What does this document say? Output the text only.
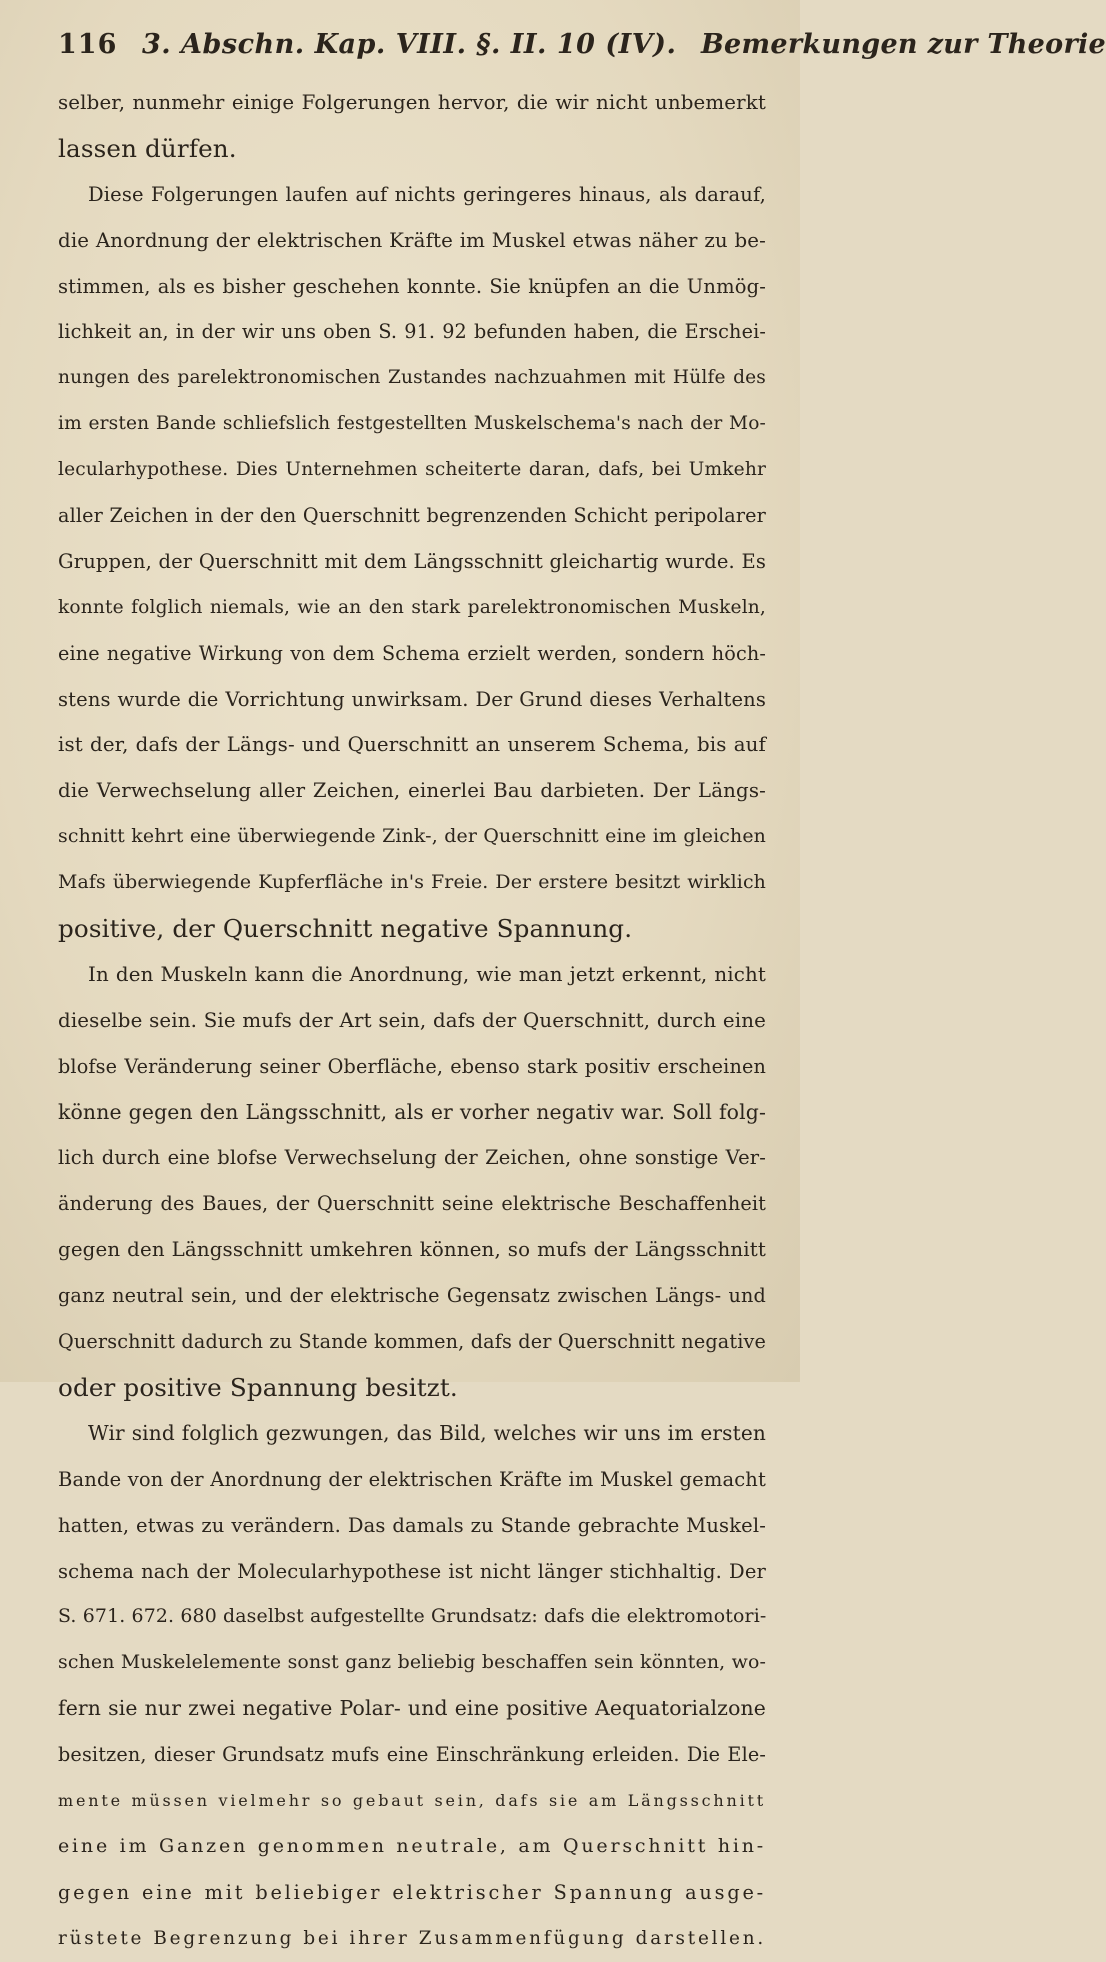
116 3. Abschn. Kap. VIII. §. II. 10 (IV). Bemerkungen zur Theorie
selber, nunmehr einige Folgerungen hervor, die wir nicht unbemerkt
lassen dürfen.
Diese Folgerungen laufen auf nichts geringeres hinaus, als darauf,
die Anordnung der elektrischen Kräfte im Muskel etwas näher zu be-
stimmen, als es bisher geschehen konnte. Sie knüpfen an die Unmög-
lichkeit an, in der wir uns oben S. 91. 92 befunden haben, die Erschei-
nungen des parelektronomischen Zustandes nachzuahmen mit Hülfe des
im ersten Bande schliefslich festgestellten Muskelschema's nach der Mo-
lecularhypothese. Dies Unternehmen scheiterte daran, dafs, bei Umkehr
aller Zeichen in der den Querschnitt begrenzenden Schicht peripolarer
Gruppen, der Querschnitt mit dem Längsschnitt gleichartig wurde. Es
konnte folglich niemals, wie an den stark parelektronomischen Muskeln,
eine negative Wirkung von dem Schema erzielt werden, sondern höch-
stens wurde die Vorrichtung unwirksam. Der Grund dieses Verhaltens
ist der, dafs der Längs- und Querschnitt an unserem Schema, bis auf
die Verwechselung aller Zeichen, einerlei Bau darbieten. Der Längs-
schnitt kehrt eine überwiegende Zink-, der Querschnitt eine im gleichen
Mafs überwiegende Kupferfläche in's Freie. Der erstere besitzt wirklich
positive, der Querschnitt negative Spannung.
In den Muskeln kann die Anordnung, wie man jetzt erkennt, nicht
dieselbe sein. Sie mufs der Art sein, dafs der Querschnitt, durch eine
blofse Veränderung seiner Oberfläche, ebenso stark positiv erscheinen
könne gegen den Längsschnitt, als er vorher negativ war. Soll folg-
lich durch eine blofse Verwechselung der Zeichen, ohne sonstige Ver-
änderung des Baues, der Querschnitt seine elektrische Beschaffenheit
gegen den Längsschnitt umkehren können, so mufs der Längsschnitt
ganz neutral sein, und der elektrische Gegensatz zwischen Längs- und
Querschnitt dadurch zu Stande kommen, dafs der Querschnitt negative
oder positive Spannung besitzt.
Wir sind folglich gezwungen, das Bild, welches wir uns im ersten
Bande von der Anordnung der elektrischen Kräfte im Muskel gemacht
hatten, etwas zu verändern. Das damals zu Stande gebrachte Muskel-
schema nach der Molecularhypothese ist nicht länger stichhaltig. Der
S. 671. 672. 680 daselbst aufgestellte Grundsatz: dafs die elektromotori-
schen Muskelelemente sonst ganz beliebig beschaffen sein könnten, wo-
fern sie nur zwei negative Polar- und eine positive Aequatorialzone
besitzen, dieser Grundsatz mufs eine Einschränkung erleiden. Die Ele-
mente müssen vielmehr so gebaut sein, dafs sie am Längsschnitt
eine im Ganzen genommen neutrale, am Querschnitt hin-
gegen eine mit beliebiger elektrischer Spannung ausge-
rüstete Begrenzung bei ihrer Zusammenfügung darstellen.
